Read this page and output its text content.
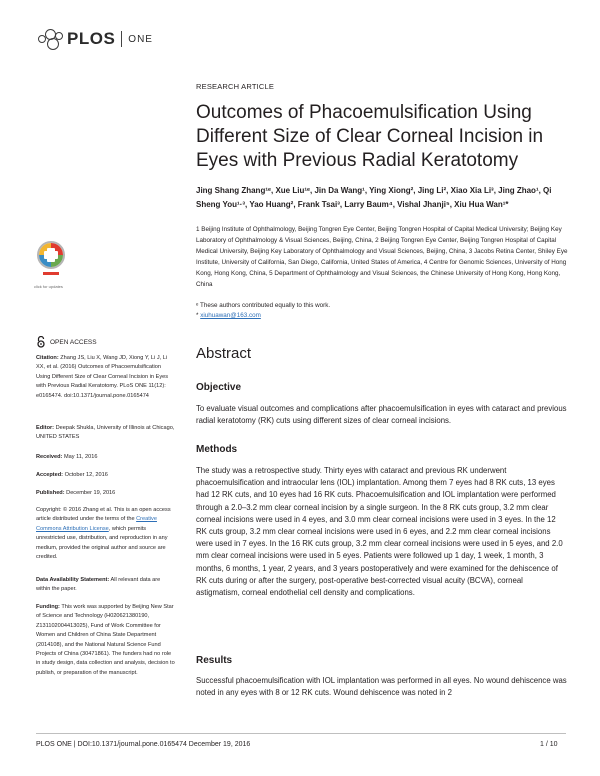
PLOS ONE
RESEARCH ARTICLE
Outcomes of Phacoemulsification Using Different Size of Clear Corneal Incision in Eyes with Previous Radial Keratotomy
Jing Shang Zhang¹ᵉ, Xue Liu¹ᵉ, Jin Da Wang¹, Ying Xiong², Jing Li², Xiao Xia Li³, Jing Zhao¹, Qi Sheng You¹·³, Yao Huang², Frank Tsai³, Larry Baum⁴, Vishal Jhanji⁵, Xiu Hua Wan¹*
1 Beijing Institute of Ophthalmology, Beijing Tongren Eye Center, Beijing Tongren Hospital of Capital Medical University; Beijing Key Laboratory of Ophthalmology & Visual Sciences, Beijing, China, 2 Beijing Tongren Eye Center, Beijing Tongren Hospital of Capital Medical University, Beijing Key Laboratory of Ophthalmology and Visual Sciences, Beijing, China, 3 Jacobs Retina Center, Shiley Eye Institute, University of California, San Diego, California, United States of America, 4 Centre for Genomic Sciences, University of Hong Kong, Hong Kong, China, 5 Department of Ophthalmology and Visual Sciences, the Chinese University of Hong Kong, Hong Kong, China
ᵉ These authors contributed equally to this work.
* xiuhuawan@163.com
Abstract
Objective
To evaluate visual outcomes and complications after phacoemulsification in eyes with cataract and previous radial keratotomy (RK) cuts using different sizes of clear corneal incisions.
Methods
The study was a retrospective study. Thirty eyes with cataract and previous RK underwent phacoemulsification and intraocular lens (IOL) implantation. Among them 7 eyes had 8 RK cuts, 13 eyes had 12 RK cuts, and 10 eyes had 16 RK cuts. Phacoemulsification and IOL implantation were performed through a 2.0–3.2 mm clear corneal incision by a single surgeon. In the 8 RK cuts group, 3.2 mm clear corneal incisions were used in 4 eyes, and 3.0 mm clear corneal incisions were used in 3 eyes. In the 12 RK cuts group, 3.2 mm clear corneal incisions were used in 6 eyes, and 2.2 mm clear corneal incisions were used in 7 eyes. In the 16 RK cuts group, 3.2 mm clear corneal incisions were used in 5 eyes, and 2.0 mm clear corneal incisions were used in 5 eyes. Patients were followed up 1 day, 1 week, 1 month, 3 months, 6 months, 1 year, 2 years, and 3 years postoperatively and were examined for the dehiscence of RK cuts during or after the surgery, post-operative best-corrected visual acuity (BCVA), corneal astigmatism, corneal endothelial cell density and complications.
Results
Successful phacoemulsification with IOL implantation was performed in all eyes. No wound dehiscence was noted in any eyes with 8 or 12 RK cuts. Wound dehiscence was noted in 2
click for updates
OPEN ACCESS
Citation: Zhang JS, Liu X, Wang JD, Xiong Y, Li J, Li XX, et al. (2016) Outcomes of Phacoemulsification Using Different Size of Clear Corneal Incision in Eyes with Previous Radial Keratotomy. PLoS ONE 11(12): e0165474. doi:10.1371/journal.pone.0165474
Editor: Deepak Shukla, University of Illinois at Chicago, UNITED STATES
Received: May 11, 2016
Accepted: October 12, 2016
Published: December 19, 2016
Copyright: © 2016 Zhang et al. This is an open access article distributed under the terms of the Creative Commons Attribution License, which permits unrestricted use, distribution, and reproduction in any medium, provided the original author and source are credited.
Data Availability Statement: All relevant data are within the paper.
Funding: This work was supported by Beijing New Star of Science and Technology (H020621380190, Z131102004413025), Fund of Work Committee for Women and Children of China State Department (2014108), and the National Natural Science Fund Projects of China (30471861). The funders had no role in study design, data collection and analysis, decision to publish, or preparation of the manuscript.
PLOS ONE | DOI:10.1371/journal.pone.0165474 December 19, 2016	1 / 10
